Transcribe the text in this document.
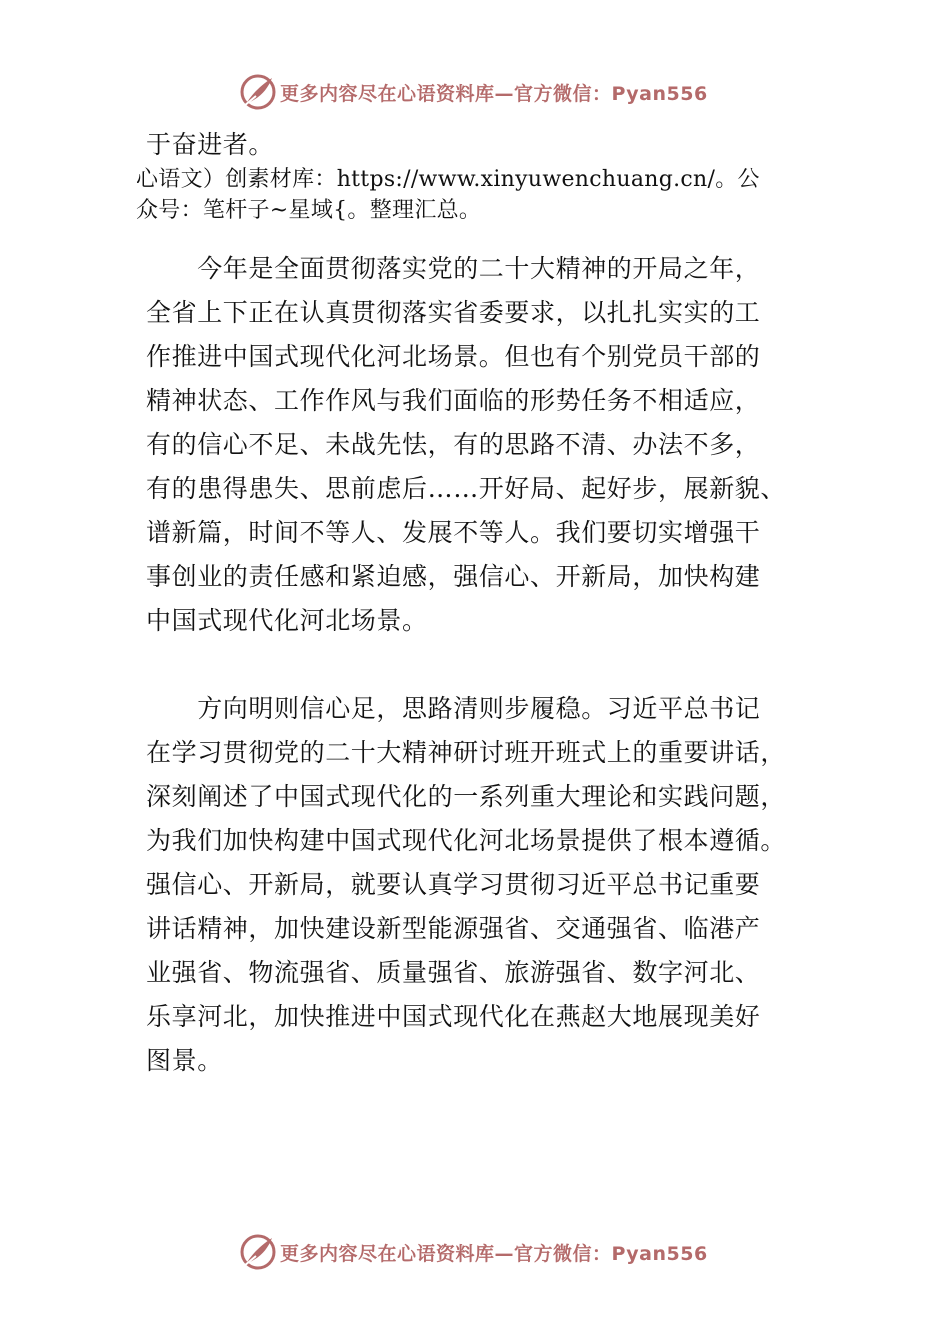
更多内容尽在心语资料库—官方微信：Pyan556
于奋进者。
心语文）创素材库：https://www.xinyuwenchuang.cn/。公
众号：笔杆子~星域{。整理汇总。
　　今年是全面贯彻落实党的二十大精神的开局之年，
全省上下正在认真贯彻落实省委要求，以扎扎实实的工
作推进中国式现代化河北场景。但也有个别党员干部的
精神状态、工作作风与我们面临的形势任务不相适应，
有的信心不足、未战先怯，有的思路不清、办法不多，
有的患得患失、思前虑后……开好局、起好步，展新貌、
谱新篇，时间不等人、发展不等人。我们要切实增强干
事创业的责任感和紧迫感，强信心、开新局，加快构建
中国式现代化河北场景。
　　方向明则信心足，思路清则步履稳。习近平总书记
在学习贯彻党的二十大精神研讨班开班式上的重要讲话，
深刻阐述了中国式现代化的一系列重大理论和实践问题，
为我们加快构建中国式现代化河北场景提供了根本遵循。
强信心、开新局，就要认真学习贯彻习近平总书记重要
讲话精神，加快建设新型能源强省、交通强省、临港产
业强省、物流强省、质量强省、旅游强省、数字河北、
乐享河北，加快推进中国式现代化在燕赵大地展现美好
图景。
更多内容尽在心语资料库—官方微信：Pyan556
